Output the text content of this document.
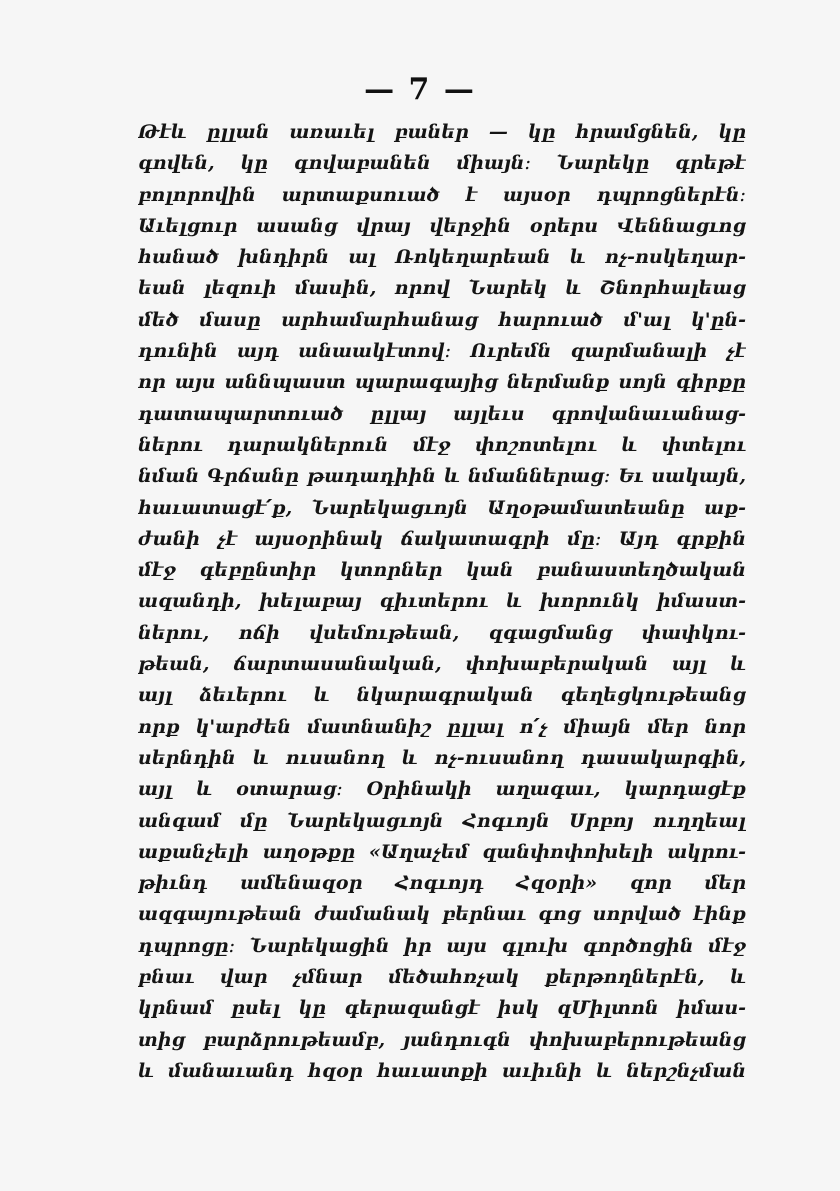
— 7 —
Թէև ըլլան առաւել բաներ — կը հրամցնեն, կը
գովեն, կը գովաբանեն միայն։ Նարեկը գրեթէ
բոլորովին արտաքսուած է այսօր դպրոցներէն։
Աւելցուր ասանց վրայ վերջին օրերս Վեննացւոց
հանած խնդիրն ալ Ռոկեղարեան և ոչ-ոսկեղար-
եան լեզուի մասին, որով Նարեկ և Շնորհալեաց
մեծ մասը արհամարհանաց հարուած մ'ալ կ'ըն-
դունին այդ անաակէտով։ Ուրեմն զարմանալի չէ
որ այս աննպաստ պարագայից ներմանք սոյն գիրքը
դատապարտուած ըլլայ այլեւս գրովանաւանաց-
ներու դարակներուն մէջ փոշոտելու և փտելու
նման Գրճանը թադադիին և նմաններաց։ Եւ սակայն,
հաւատացէ՛ք, Նարեկացւոյն Աղօթամատեանը աք-
ժանի չէ այսօրինակ ճակատագրի մը։ Այդ գրքին
մէջ գեբընտիր կտորներ կան բանաստեղծական
ազանդի, խելաբայ գիւտերու և խորունկ իմաստ-
ներու, ոճի վսեմութեան, զգացմանց փափկու-
թեան, ճարտասանական, փոխաբերական այլ և
այլ ձեւերու և նկարագրական գեղեցկութեանց
որք կ'արժեն մատնանիշ ըլլալ ո՛չ միայն մեր նոր
սերնդին և ուսանող և ոչ-ուսանող դասակարգին,
այլ և օտարաց։ Օրինակի աղագաւ, կարդացէք
անգամ մը Նարեկացւոյն Հոգւոյն Սրբոյ ուղղեալ
աքանչելի աղօթքը «Աղաչեմ զանփոփոխելի ակրու-
թիւնդ ամենազօր Հոգւոյդ Հզօրի» զոր մեր
ազգայութեան ժամանակ բերնաւ գոց սորված էինք
դպրոցը։ Նարեկացին իր այս գլուխ գործոցին մէջ
բնաւ վար չմնար մեծահռչակ քերթողներէն, և
կրնամ ըսել կը գերազանցէ իսկ զՄիլտոն իմաս-
տից բարձրութեամբ, յանդուգն փոխաբերութեանց
և մանաւանդ հզօր հաւատքի աւիւնի և ներշնչման
